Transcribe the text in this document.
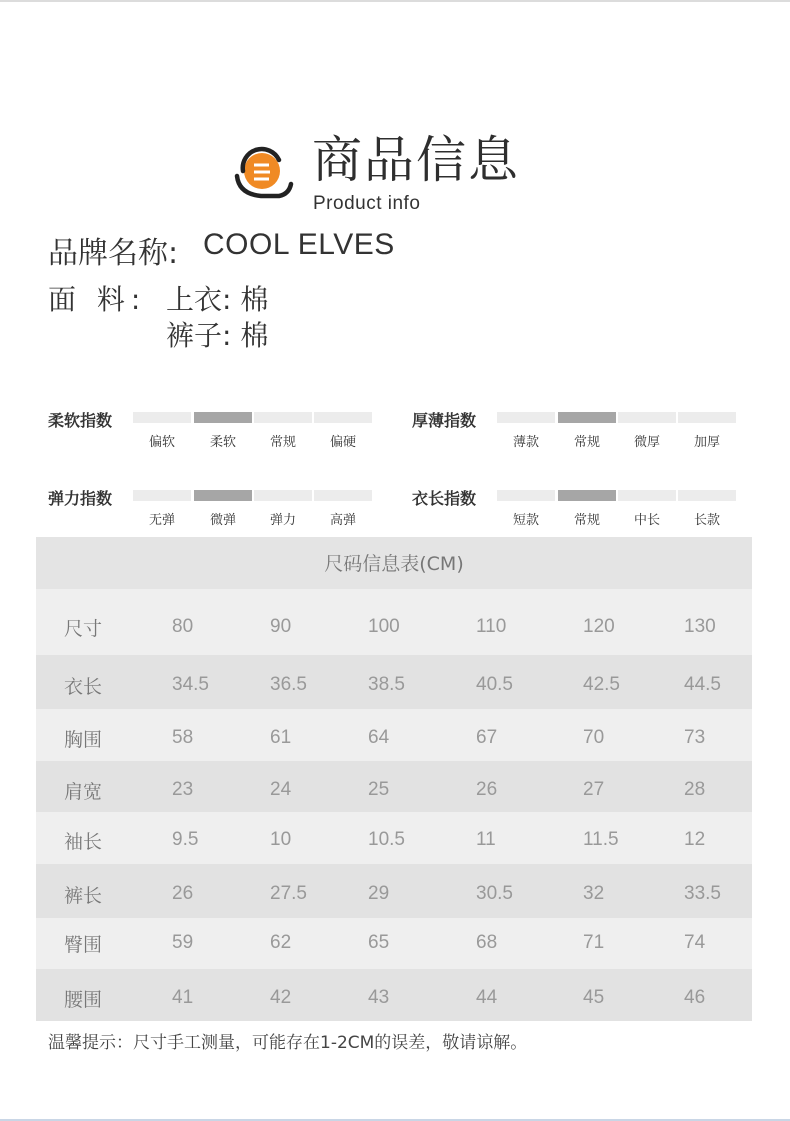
商品信息
Product info
品牌名称: COOL ELVES
面 料: 上衣: 棉
裤子: 棉
柔软指数
偏软	柔软	常规	偏硬
厚薄指数
薄款	常规	微厚	加厚
弹力指数
无弹	微弹	弹力	高弹
衣长指数
短款	常规	中长	长款
尺码信息表(CM)
尺寸	80	90	100	110	120	130
衣长	34.5	36.5	38.5	40.5	42.5	44.5
胸围	58	61	64	67	70	73
肩宽	23	24	25	26	27	28
袖长	9.5	10	10.5	11	11.5	12
裤长	26	27.5	29	30.5	32	33.5
臀围	59	62	65	68	71	74
腰围	41	42	43	44	45	46
温馨提示：尺寸手工测量，可能存在1-2CM的误差，敬请谅解。
